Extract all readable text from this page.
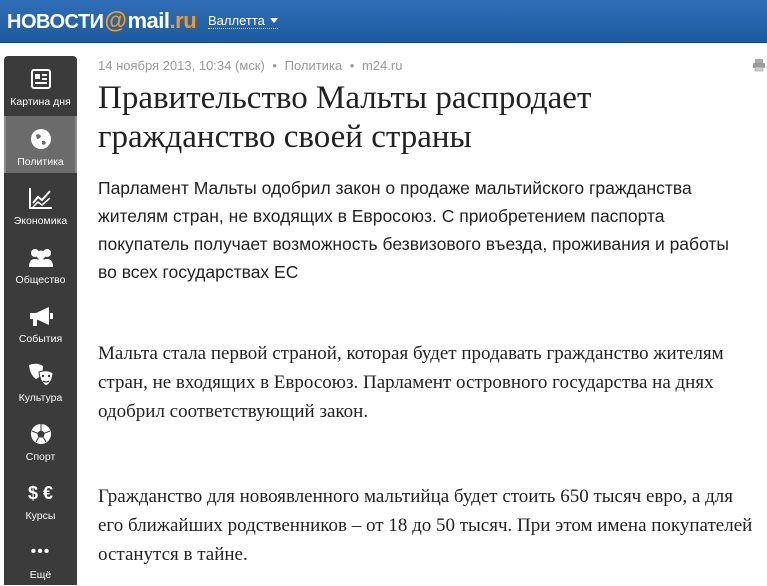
НОВОСТИ @ mail .ru Валлетта
Картина дня
Политика
Экономика
Общество
События
Культура
Спорт
$ €
Курсы
•••
Ещё
14 ноября 2013, 10:34 (мск) • Политика • m24.ru
Правительство Мальты распродает гражданство своей страны

Парламент Мальты одобрил закон о продаже мальтийского гражданства жителям стран, не входящих в Евросоюз. С приобретением паспорта покупатель получает возможность безвизового въезда, проживания и работы во всех государствах ЕС

Мальта стала первой страной, которая будет продавать гражданство жителям стран, не входящих в Евросоюз. Парламент островного государства на днях одобрил соответствующий закон.

Гражданство для новоявленного мальтийца будет стоить 650 тысяч евро, а для его ближайших родственников – от 18 до 50 тысяч. При этом имена покупателей останутся в тайне.
